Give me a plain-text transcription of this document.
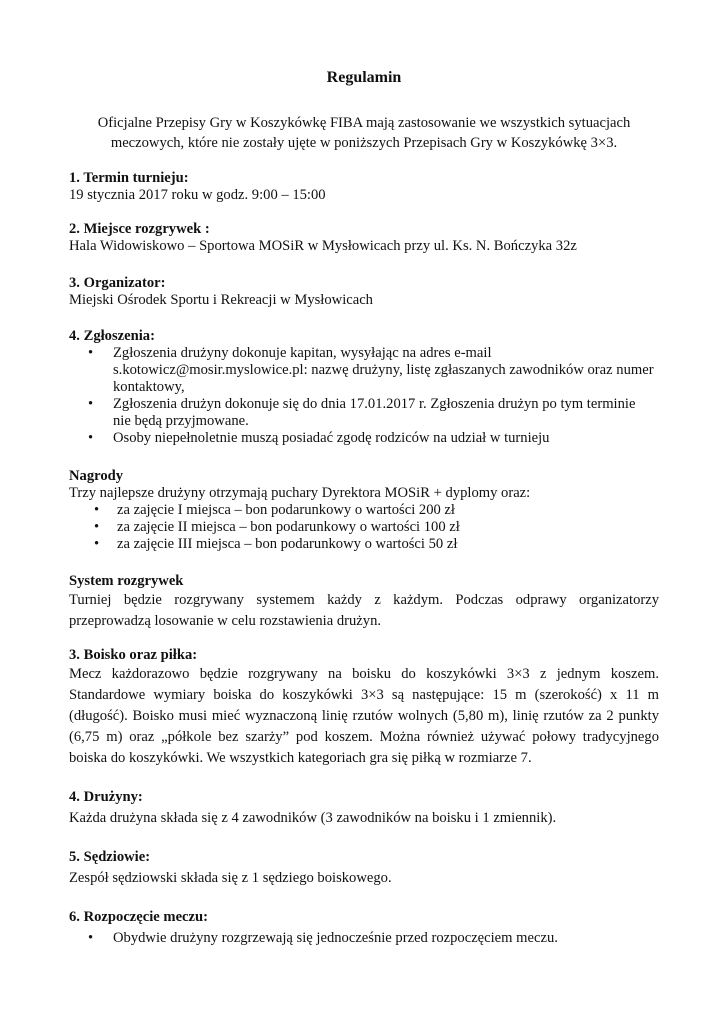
Regulamin
Oficjalne Przepisy Gry w Koszykówkę FIBA mają zastosowanie we wszystkich sytuacjach
meczowych, które nie zostały ujęte w poniższych Przepisach Gry w Koszykówkę 3×3.
1. Termin turnieju:
19 stycznia 2017 roku w godz. 9:00 – 15:00
2. Miejsce rozgrywek :
Hala Widowiskowo – Sportowa MOSiR w Mysłowicach przy ul. Ks. N. Bończyka 32z
3. Organizator:
Miejski Ośrodek Sportu i Rekreacji w Mysłowicach
4. Zgłoszenia:
• Zgłoszenia drużyny dokonuje kapitan, wysyłając na adres e-mail
s.kotowicz@mosir.myslowice.pl: nazwę drużyny, listę zgłaszanych zawodników oraz numer
kontaktowy,
• Zgłoszenia drużyn dokonuje się do dnia 17.01.2017 r. Zgłoszenia drużyn po tym terminie
nie będą przyjmowane.
• Osoby niepełnoletnie muszą posiadać zgodę rodziców na udział w turnieju
Nagrody
Trzy najlepsze drużyny otrzymają puchary Dyrektora MOSiR + dyplomy oraz:
• za zajęcie I miejsca – bon podarunkowy o wartości 200 zł
• za zajęcie II miejsca – bon podarunkowy o wartości 100 zł
• za zajęcie III miejsca – bon podarunkowy o wartości 50 zł
System rozgrywek
Turniej będzie rozgrywany systemem każdy z każdym. Podczas odprawy organizatorzy
przeprowadzą losowanie w celu rozstawienia drużyn.
3. Boisko oraz piłka:
Mecz każdorazowo będzie rozgrywany na boisku do koszykówki 3×3 z jednym koszem.
Standardowe wymiary boiska do koszykówki 3×3 są następujące: 15 m (szerokość) x 11 m
(długość). Boisko musi mieć wyznaczoną linię rzutów wolnych (5,80 m), linię rzutów za 2 punkty
(6,75 m) oraz „półkole bez szarży” pod koszem. Można również używać połowy tradycyjnego
boiska do koszykówki. We wszystkich kategoriach gra się piłką w rozmiarze 7.
4. Drużyny:
Każda drużyna składa się z 4 zawodników (3 zawodników na boisku i 1 zmiennik).
5. Sędziowie:
Zespół sędziowski składa się z 1 sędziego boiskowego.
6. Rozpoczęcie meczu:
• Obydwie drużyny rozgrzewają się jednocześnie przed rozpoczęciem meczu.
